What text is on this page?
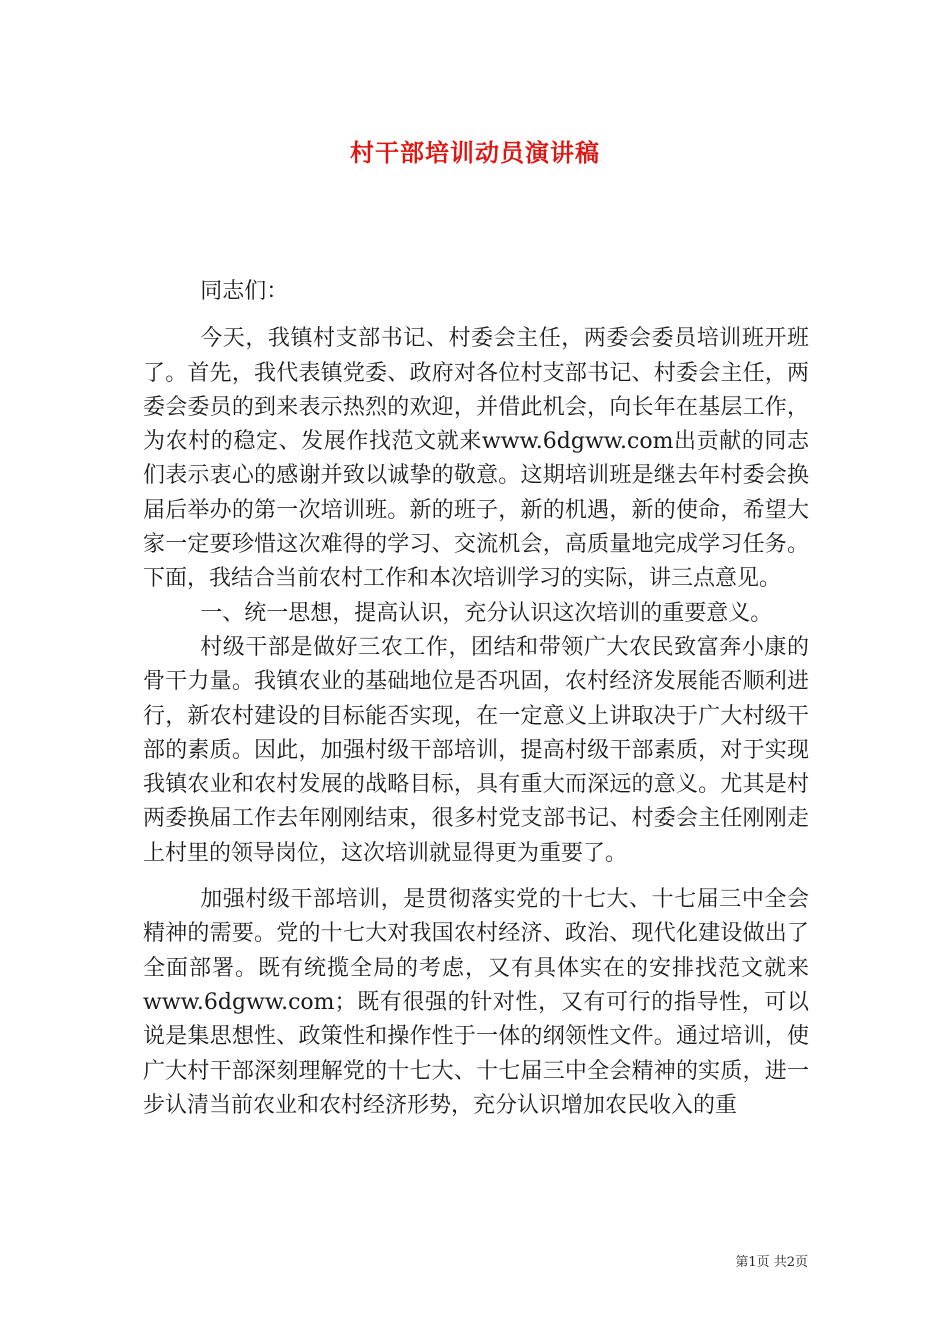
村干部培训动员演讲稿

同志们：

今天，我镇村支部书记、村委会主任，两委会委员培训班开班了。首先，我代表镇党委、政府对各位村支部书记、村委会主任，两委会委员的到来表示热烈的欢迎，并借此机会，向长年在基层工作，为农村的稳定、发展作找范文就来www.6dgww.com出贡献的同志们表示衷心的感谢并致以诚挚的敬意。这期培训班是继去年村委会换届后举办的第一次培训班。新的班子，新的机遇，新的使命，希望大家一定要珍惜这次难得的学习、交流机会，高质量地完成学习任务。下面，我结合当前农村工作和本次培训学习的实际，讲三点意见。

一、统一思想，提高认识，充分认识这次培训的重要意义。

村级干部是做好三农工作，团结和带领广大农民致富奔小康的骨干力量。我镇农业的基础地位是否巩固，农村经济发展能否顺利进行，新农村建设的目标能否实现，在一定意义上讲取决于广大村级干部的素质。因此，加强村级干部培训，提高村级干部素质，对于实现我镇农业和农村发展的战略目标，具有重大而深远的意义。尤其是村两委换届工作去年刚刚结束，很多村党支部书记、村委会主任刚刚走上村里的领导岗位，这次培训就显得更为重要了。

加强村级干部培训，是贯彻落实党的十七大、十七届三中全会精神的需要。党的十七大对我国农村经济、政治、现代化建设做出了全面部署。既有统揽全局的考虑，又有具体实在的安排找范文就来www.6dgww.com；既有很强的针对性，又有可行的指导性，可以说是集思想性、政策性和操作性于一体的纲领性文件。通过培训，使广大村干部深刻理解党的十七大、十七届三中全会精神的实质，进一步认清当前农业和农村经济形势，充分认识增加农民收入的重

第1页 共2页
